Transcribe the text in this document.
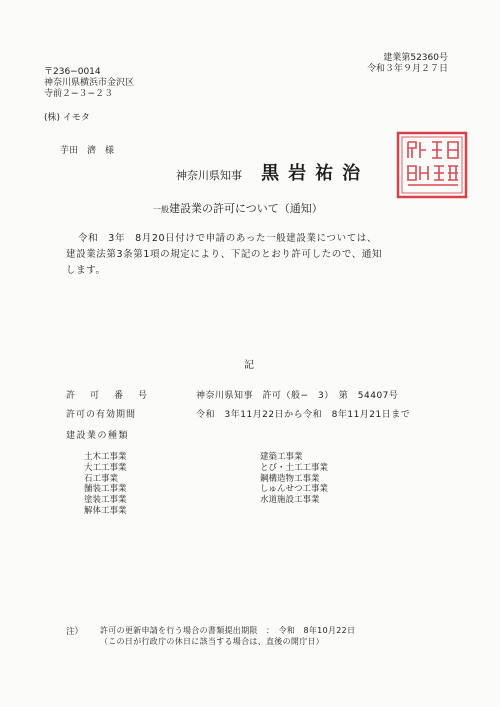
建業第52360号
令和３年９月２７日
〒236−0014
神奈川県横浜市金沢区
寺前２−３−２３
(株) イモタ
芋田　濟　様
神奈川県知事 黒岩祐治
一般建設業の許可について（通知）

令和　3年　8月20日付けで申請のあった一般建設業については、

建設業法第3条第1項の規定により、下記のとおり許可したので、通知

します。

記
許　可　番　号	神奈川県知事　許可（般−　3）　第　54407号
許可の有効期間	令和　3年11月22日から令和　8年11月21日まで
建設業の種類
土木工事業
大工工事業
石工事業
舗装工事業
塗装工事業
解体工事業
建築工事業
とび・土工工事業
鋼構造物工事業
しゅんせつ工事業
水道施設工事業
注） 許可の更新申請を行う場合の書類提出期限　：　令和　8年10月22日
（この日が行政庁の休日に該当する場合は、直後の開庁日）
